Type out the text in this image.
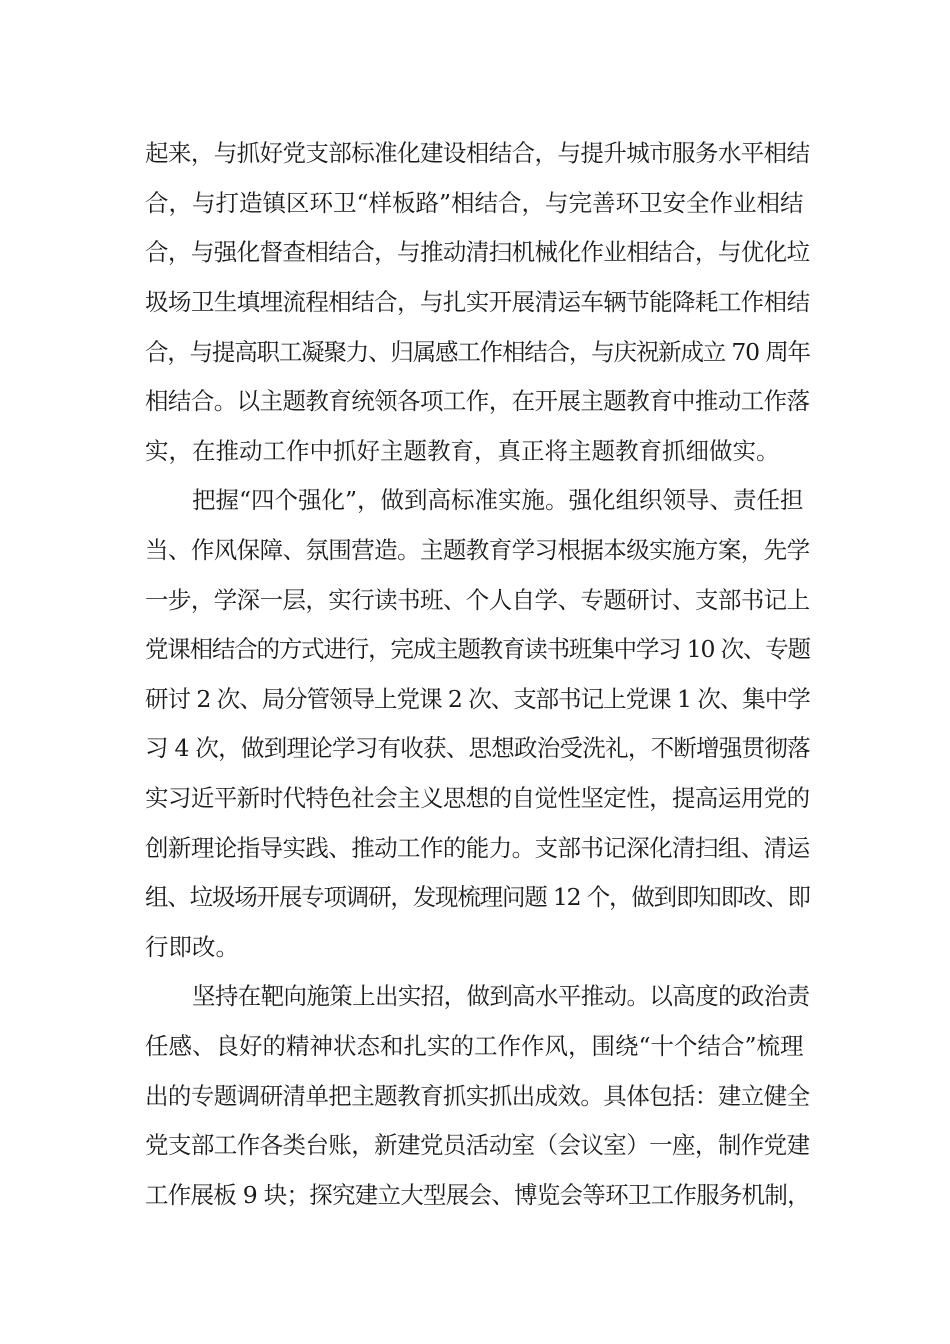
起来，与抓好党支部标准化建设相结合，与提升城市服务水平相结
合，与打造镇区环卫“样板路”相结合，与完善环卫安全作业相结
合，与强化督查相结合，与推动清扫机械化作业相结合，与优化垃
圾场卫生填埋流程相结合，与扎实开展清运车辆节能降耗工作相结
合，与提高职工凝聚力、归属感工作相结合，与庆祝新成立 70 周年
相结合。以主题教育统领各项工作，在开展主题教育中推动工作落
实，在推动工作中抓好主题教育，真正将主题教育抓细做实。
把握“四个强化”，做到高标准实施。强化组织领导、责任担
当、作风保障、氛围营造。主题教育学习根据本级实施方案，先学
一步，学深一层，实行读书班、个人自学、专题研讨、支部书记上
党课相结合的方式进行，完成主题教育读书班集中学习 10 次、专题
研讨 2 次、局分管领导上党课 2 次、支部书记上党课 1 次、集中学
习 4 次，做到理论学习有收获、思想政治受洗礼，不断增强贯彻落
实习近平新时代特色社会主义思想的自觉性坚定性，提高运用党的
创新理论指导实践、推动工作的能力。支部书记深化清扫组、清运
组、垃圾场开展专项调研，发现梳理问题 12 个，做到即知即改、即
行即改。
坚持在靶向施策上出实招，做到高水平推动。以高度的政治责
任感、良好的精神状态和扎实的工作作风，围绕“十个结合”梳理
出的专题调研清单把主题教育抓实抓出成效。具体包括：建立健全
党支部工作各类台账，新建党员活动室（会议室）一座，制作党建
工作展板 9 块；探究建立大型展会、博览会等环卫工作服务机制，
